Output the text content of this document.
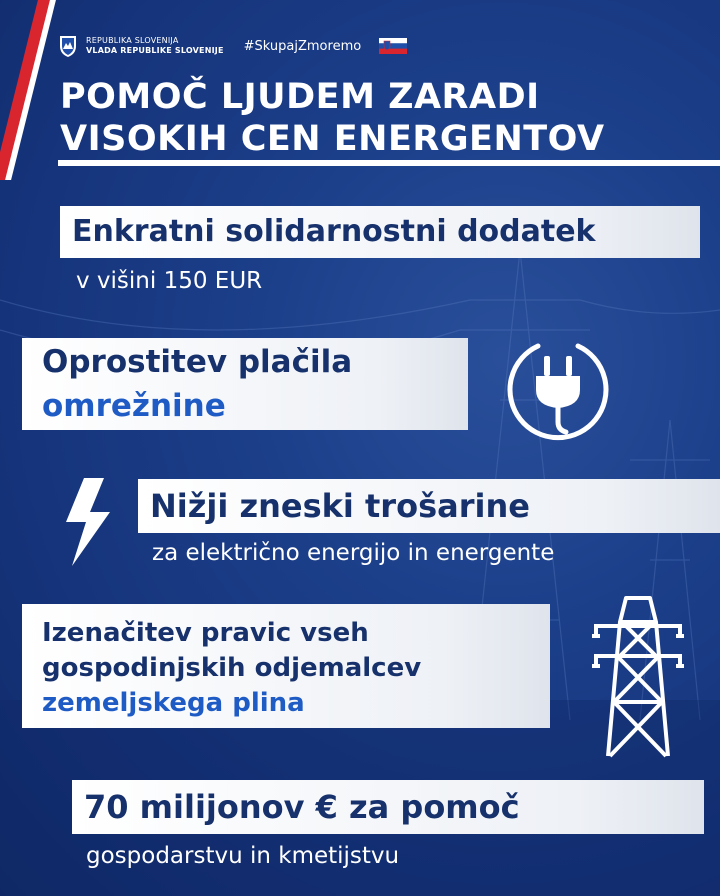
REPUBLIKA SLOVENIJA
VLADA REPUBLIKE SLOVENIJE #SkupajZmoremo
POMOČ LJUDEM ZARADI
VISOKIH CEN ENERGENTOV
Enkratni solidarnostni dodatek
v višini 150 EUR
Oprostitev plačila
omrežnine
Nižji zneski trošarine
za električno energijo in energente
Izenačitev pravic vseh
gospodinjskih odjemalcev
zemeljskega plina
70 milijonov € za pomoč
gospodarstvu in kmetijstvu
